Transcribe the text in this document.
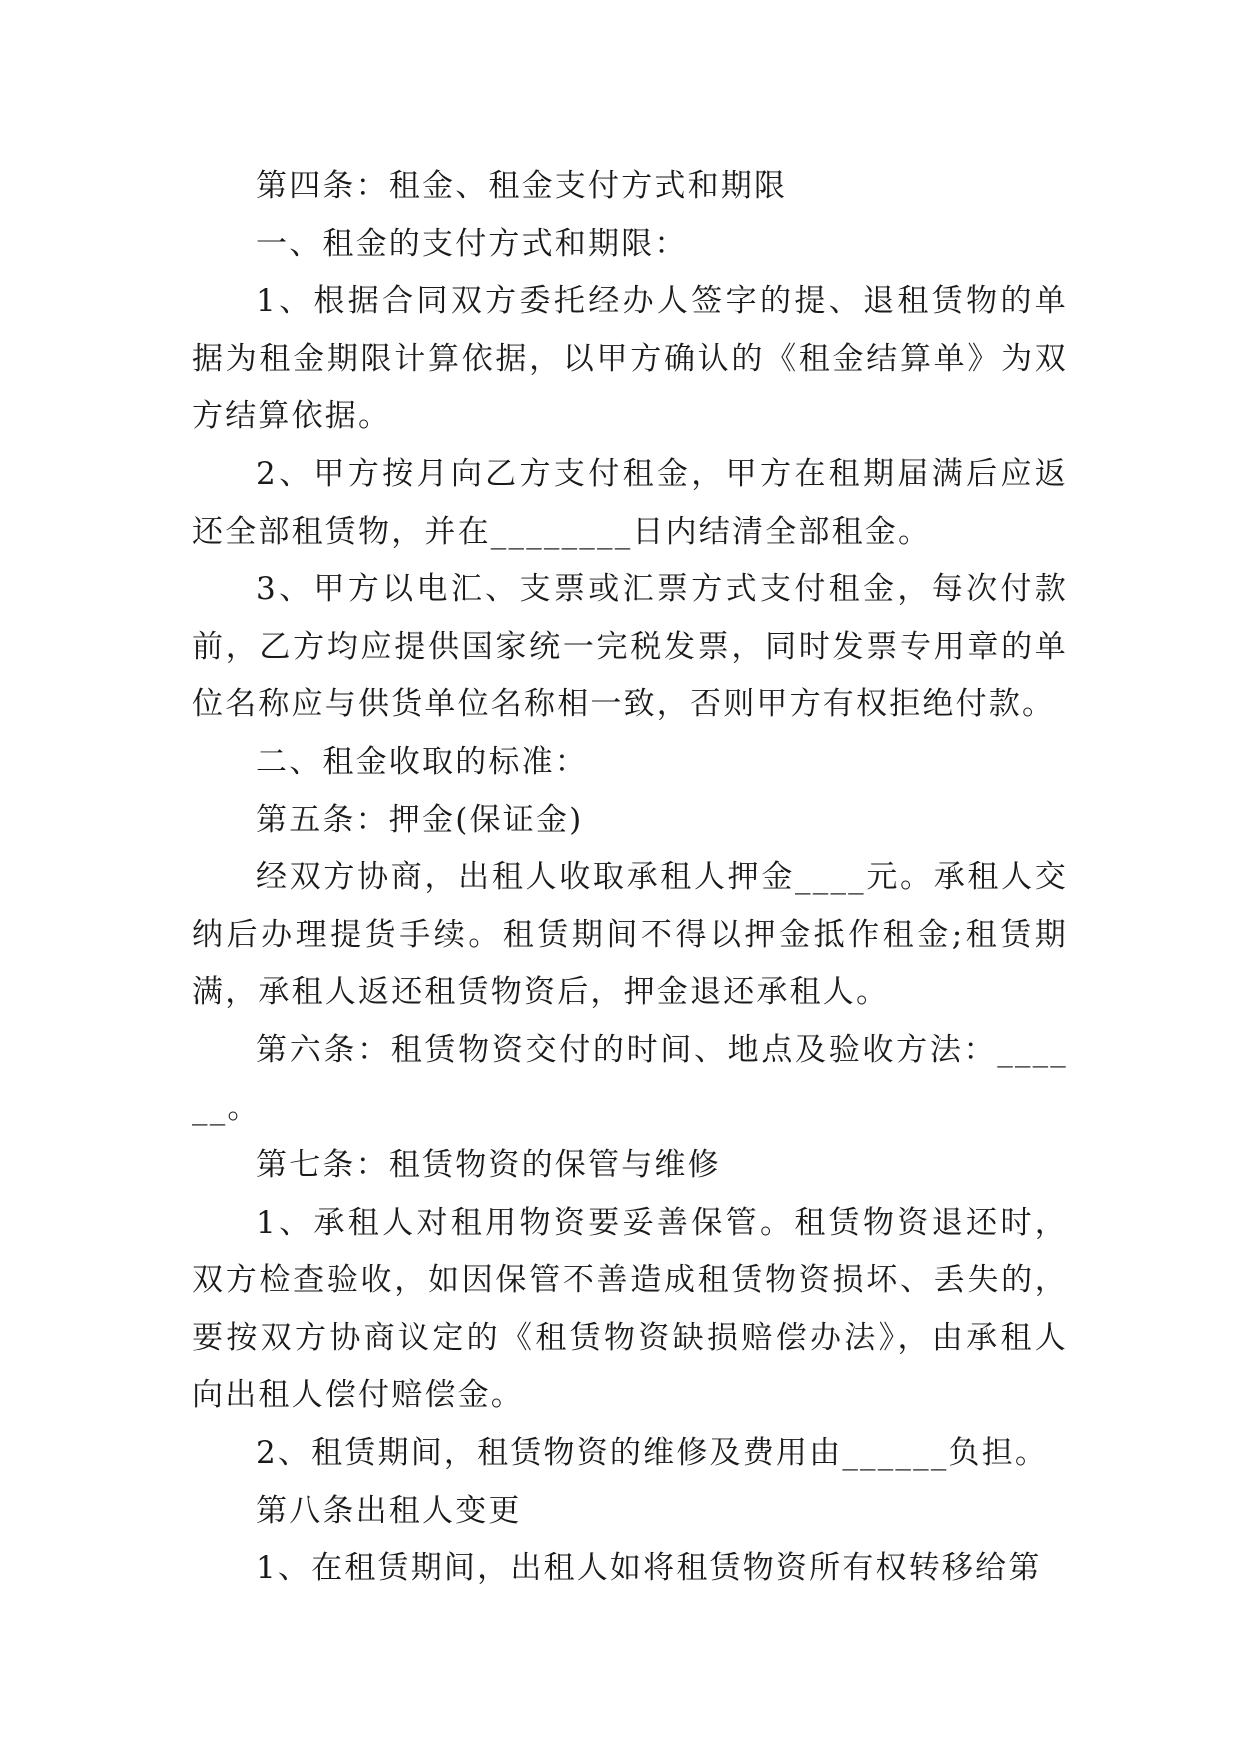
第四条：租金、租金支付方式和期限

一、租金的支付方式和期限：

1、根据合同双方委托经办人签字的提、退租赁物的单据为租金期限计算依据，以甲方确认的《租金结算单》为双方结算依据。

2、甲方按月向乙方支付租金，甲方在租期届满后应返还全部租赁物，并在________日内结清全部租金。

3、甲方以电汇、支票或汇票方式支付租金，每次付款前，乙方均应提供国家统一完税发票，同时发票专用章的单位名称应与供货单位名称相一致，否则甲方有权拒绝付款。

二、租金收取的标准：

第五条：押金(保证金)

经双方协商，出租人收取承租人押金____元。承租人交纳后办理提货手续。租赁期间不得以押金抵作租金;租赁期满，承租人返还租赁物资后，押金退还承租人。

第六条：租赁物资交付的时间、地点及验收方法：______。

第七条：租赁物资的保管与维修

1、承租人对租用物资要妥善保管。租赁物资退还时，双方检查验收，如因保管不善造成租赁物资损坏、丢失的，要按双方协商议定的《租赁物资缺损赔偿办法》，由承租人向出租人偿付赔偿金。

2、租赁期间，租赁物资的维修及费用由______负担。

第八条出租人变更

1、在租赁期间，出租人如将租赁物资所有权转移给第
